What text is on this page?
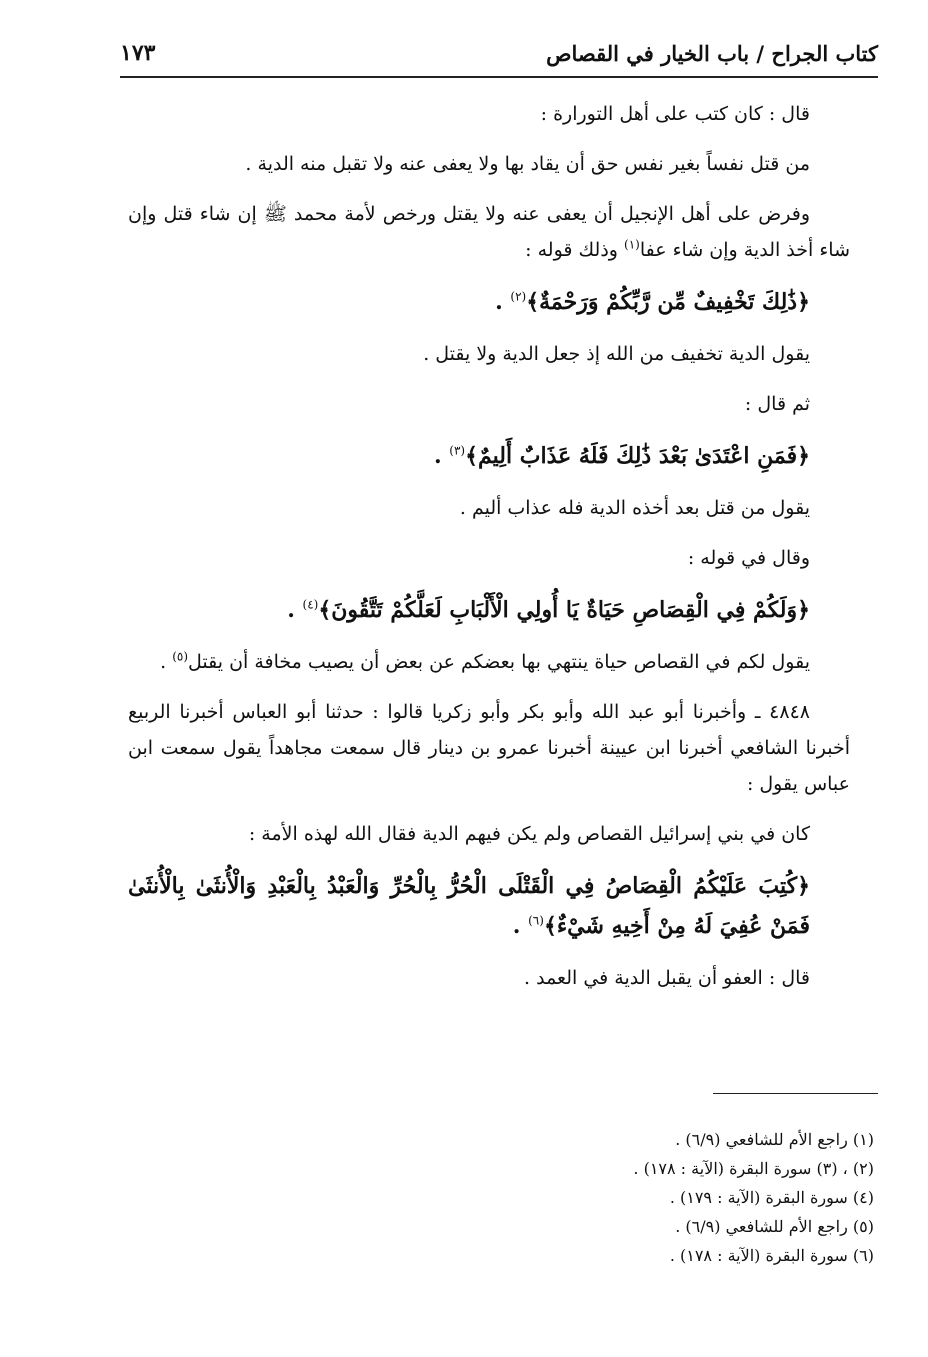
كتاب الجراح / باب الخيار في القصاص
١٧٣

قال : كان كتب على أهل التورارة :

من قتل نفساً بغير نفس حق أن يقاد بها ولا يعفى عنه ولا تقبل منه الدية .

وفرض على أهل الإنجيل أن يعفى عنه ولا يقتل ورخص لأمة محمد ﷺ إن شاء قتل وإن شاء أخذ الدية وإن شاء عفا$^{(١)}$ وذلك قوله :

﴿ذَٰلِكَ تَخْفِيفٌ مِّن رَّبِّكُمْ وَرَحْمَةٌ﴾$^{(٢)}$ .

يقول الدية تخفيف من الله إذ جعل الدية ولا يقتل .

ثم قال :

﴿فَمَنِ اعْتَدَىٰ بَعْدَ ذَٰلِكَ فَلَهُ عَذَابٌ أَلِيمٌ﴾$^{(٣)}$ .

يقول من قتل بعد أخذه الدية فله عذاب أليم .

وقال في قوله :

﴿وَلَكُمْ فِي الْقِصَاصِ حَيَاةٌ يَا أُولِي الْأَلْبَابِ لَعَلَّكُمْ تَتَّقُونَ﴾$^{(٤)}$ .

يقول لكم في القصاص حياة ينتهي بها بعضكم عن بعض أن يصيب مخافة أن يقتل$^{(٥)}$ .

٤٨٤٨ ـ وأخبرنا أبو عبد الله وأبو بكر وأبو زكريا قالوا : حدثنا أبو العباس أخبرنا الربيع أخبرنا الشافعي أخبرنا ابن عيينة أخبرنا عمرو بن دينار قال سمعت مجاهداً يقول سمعت ابن عباس يقول :

كان في بني إسرائيل القصاص ولم يكن فيهم الدية فقال الله لهذه الأمة :

﴿كُتِبَ عَلَيْكُمُ الْقِصَاصُ فِي الْقَتْلَى الْحُرُّ بِالْحُرِّ وَالْعَبْدُ بِالْعَبْدِ وَالْأُنثَىٰ بِالْأُنثَىٰ فَمَنْ عُفِيَ لَهُ مِنْ أَخِيهِ شَيْءٌ﴾$^{(٦)}$ .

قال : العفو أن يقبل الدية في العمد .

(١) راجع الأم للشافعي (٦/٩) .

(٢) ، (٣) سورة البقرة (الآية : ١٧٨) .

(٤) سورة البقرة (الآية : ١٧٩) .

(٥) راجع الأم للشافعي (٦/٩) .

(٦) سورة البقرة (الآية : ١٧٨) .
